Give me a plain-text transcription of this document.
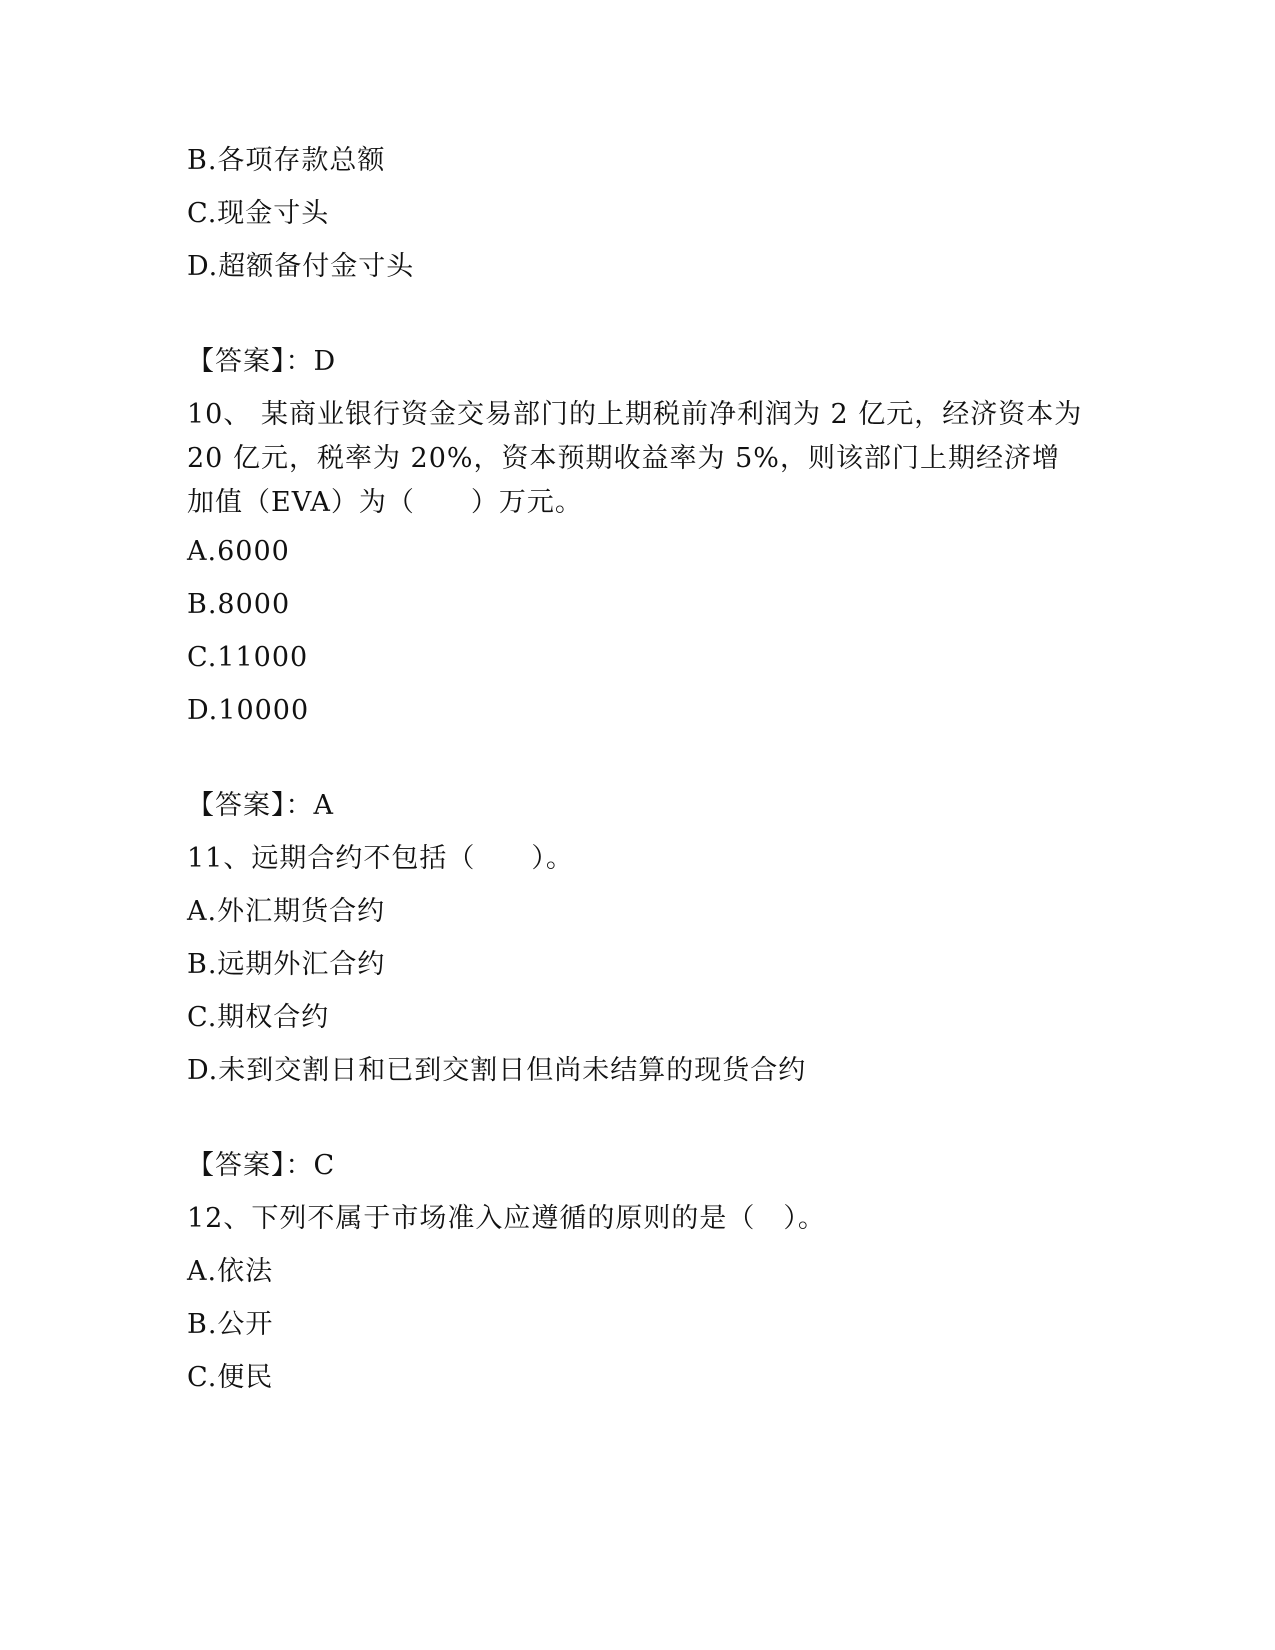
B.各项存款总额
C.现金寸头
D.超额备付金寸头
【答案】：D
10、 某商业银行资金交易部门的上期税前净利润为 2 亿元，经济资本为 20 亿元，税率为 20%，资本预期收益率为 5%，则该部门上期经济增加值（EVA）为（　　）万元。
A.6000
B.8000
C.11000
D.10000
【答案】：A
11、远期合约不包括（　　）。
A.外汇期货合约
B.远期外汇合约
C.期权合约
D.未到交割日和已到交割日但尚未结算的现货合约
【答案】：C
12、下列不属于市场准入应遵循的原则的是（　）。
A.依法
B.公开
C.便民
